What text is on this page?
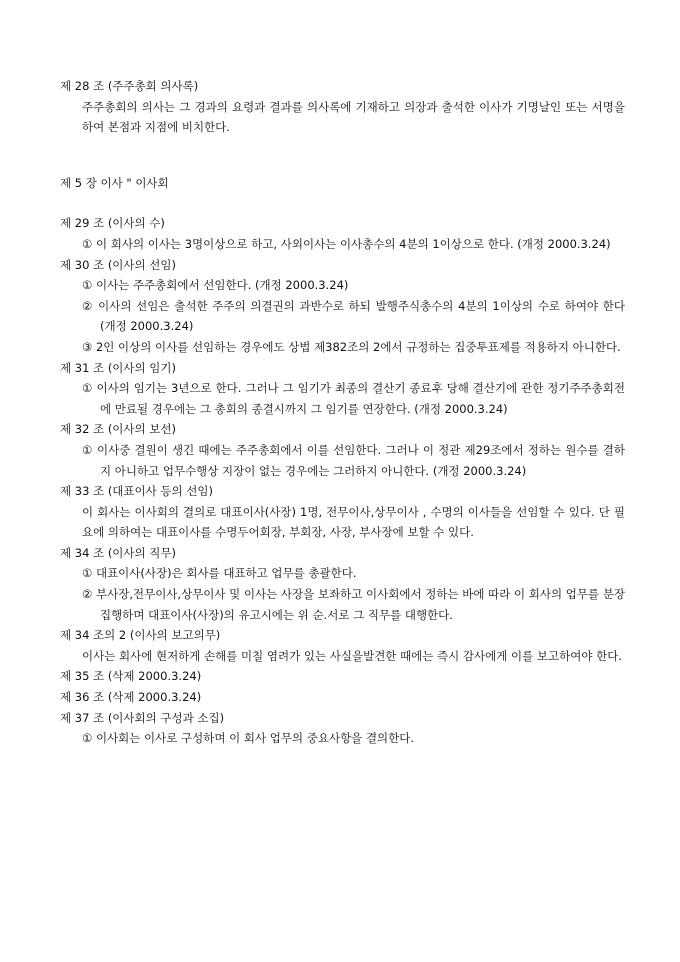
제 28 조 (주주총회 의사록)
주주총회의 의사는 그 경과의 요령과 결과를 의사록에 기재하고 의장과 출석한 이사가 기명날인 또는 서명을 하여 본점과 지점에 비치한다.
제 5 장 이사 " 이사회
제 29 조 (이사의 수)
① 이 회사의 이사는 3명이상으로 하고, 사외이사는 이사총수의 4분의 1이상으로 한다. (개정 2000.3.24)
제 30 조 (이사의 선임)
① 이사는 주주총회에서 선임한다. (개정 2000.3.24)
② 이사의 선임은 출석한 주주의 의결권의 과반수로 하되 발행주식총수의 4분의 1이상의 수로 하여야 한다 (개정 2000.3.24)
③ 2인 이상의 이사를 선임하는 경우에도 상법 제382조의 2에서 규정하는 집중투표제를 적용하지 아니한다.
제 31 조 (이사의 임기)
① 이사의 임기는 3년으로 한다. 그러나 그 임기가 최종의 결산기 종료후 당해 결산기에 관한 정기주주총회전에 만료될 경우에는 그 총회의 종결시까지 그 임기를 연장한다. (개정 2000.3.24)
제 32 조 (이사의 보선)
① 이사중 결원이 생긴 때에는 주주총회에서 이를 선임한다. 그러나 이 정관 제29조에서 정하는 원수를 결하지 아니하고 업무수행상 지장이 없는 경우에는 그러하지 아니한다. (개정 2000.3.24)
제 33 조 (대표이사 등의 선임)
이 회사는 이사회의 결의로 대표이사(사장) 1명, 전무이사,상무이사 , 수명의 이사들을 선임할 수 있다. 단 필요에 의하여는 대표이사를 수명두어회장, 부회장, 사장, 부사장에 보할 수 있다.
제 34 조 (이사의 직무)
① 대표이사(사장)은 회사를 대표하고 업무를 총괄한다.
② 부사장,전무이사,상무이사 및 이사는 사장을 보좌하고 이사회에서 정하는 바에 따라 이 회사의 업무를 분장 집행하며 대표이사(사장)의 유고시에는 위 순.서로 그 직무를 대행한다.
제 34 조의 2 (이사의 보고의무)
이사는 회사에 현저하게 손해를 미칠 염려가 있는 사실을발견한 때에는 즉시 감사에게 이를 보고하여야 한다.
제 35 조 (삭제 2000.3.24)
제 36 조 (삭제 2000.3.24)
제 37 조 (이사회의 구성과 소집)
① 이사회는 이사로 구성하며 이 회사 업무의 중요사항을 결의한다.
